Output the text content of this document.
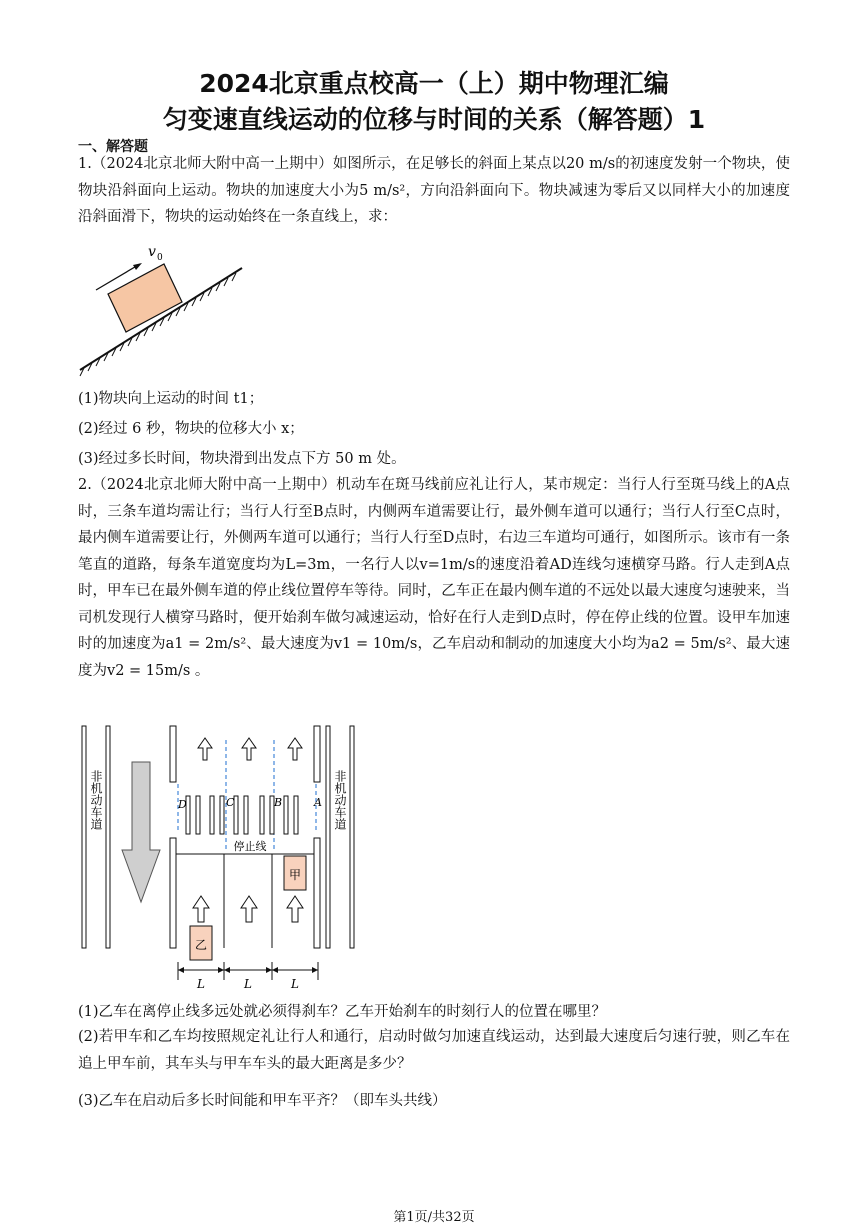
2024北京重点校高一（上）期中物理汇编
匀变速直线运动的位移与时间的关系（解答题）1
一、解答题
1.（2024北京北师大附中高一上期中）如图所示，在足够长的斜面上某点以20 m/s的初速度发射一个物块，使物块沿斜面向上运动。物块的加速度大小为5 m/s²，方向沿斜面向下。物块减速为零后又以同样大小的加速度沿斜面滑下，物块的运动始终在一条直线上，求：
v 0
(1)物块向上运动的时间 t1；
(2)经过 6 秒，物块的位移大小 x；
(3)经过多长时间，物块滑到出发点下方 50 m 处。
2.（2024北京北师大附中高一上期中）机动车在斑马线前应礼让行人，某市规定：当行人行至斑马线上的A点时，三条车道均需让行；当行人行至B点时，内侧两车道需要让行，最外侧车道可以通行；当行人行至C点时，最内侧车道需要让行，外侧两车道可以通行；当行人行至D点时，右边三车道均可通行，如图所示。该市有一条笔直的道路，每条车道宽度均为L=3m，一名行人以v=1m/s的速度沿着AD连线匀速横穿马路。行人走到A点时，甲车已在最外侧车道的停止线位置停车等待。同时，乙车正在最内侧车道的不远处以最大速度匀速驶来，当司机发现行人横穿马路时，便开始刹车做匀减速运动，恰好在行人走到D点时，停在停止线的位置。设甲车加速时的加速度为a1 = 2m/s²、最大速度为v1 = 10m/s，乙车启动和制动的加速度大小均为a2 = 5m/s²、最大速度为v2 = 15m/s 。
非机动车道	非机动车道
D	C	B	A
停止线
甲
乙
L	L	L
(1)乙车在离停止线多远处就必须得刹车？乙车开始刹车的时刻行人的位置在哪里？
(2)若甲车和乙车均按照规定礼让行人和通行，启动时做匀加速直线运动，达到最大速度后匀速行驶，则乙车在追上甲车前，其车头与甲车车头的最大距离是多少？
(3)乙车在启动后多长时间能和甲车平齐？（即车头共线）
第1页/共32页
